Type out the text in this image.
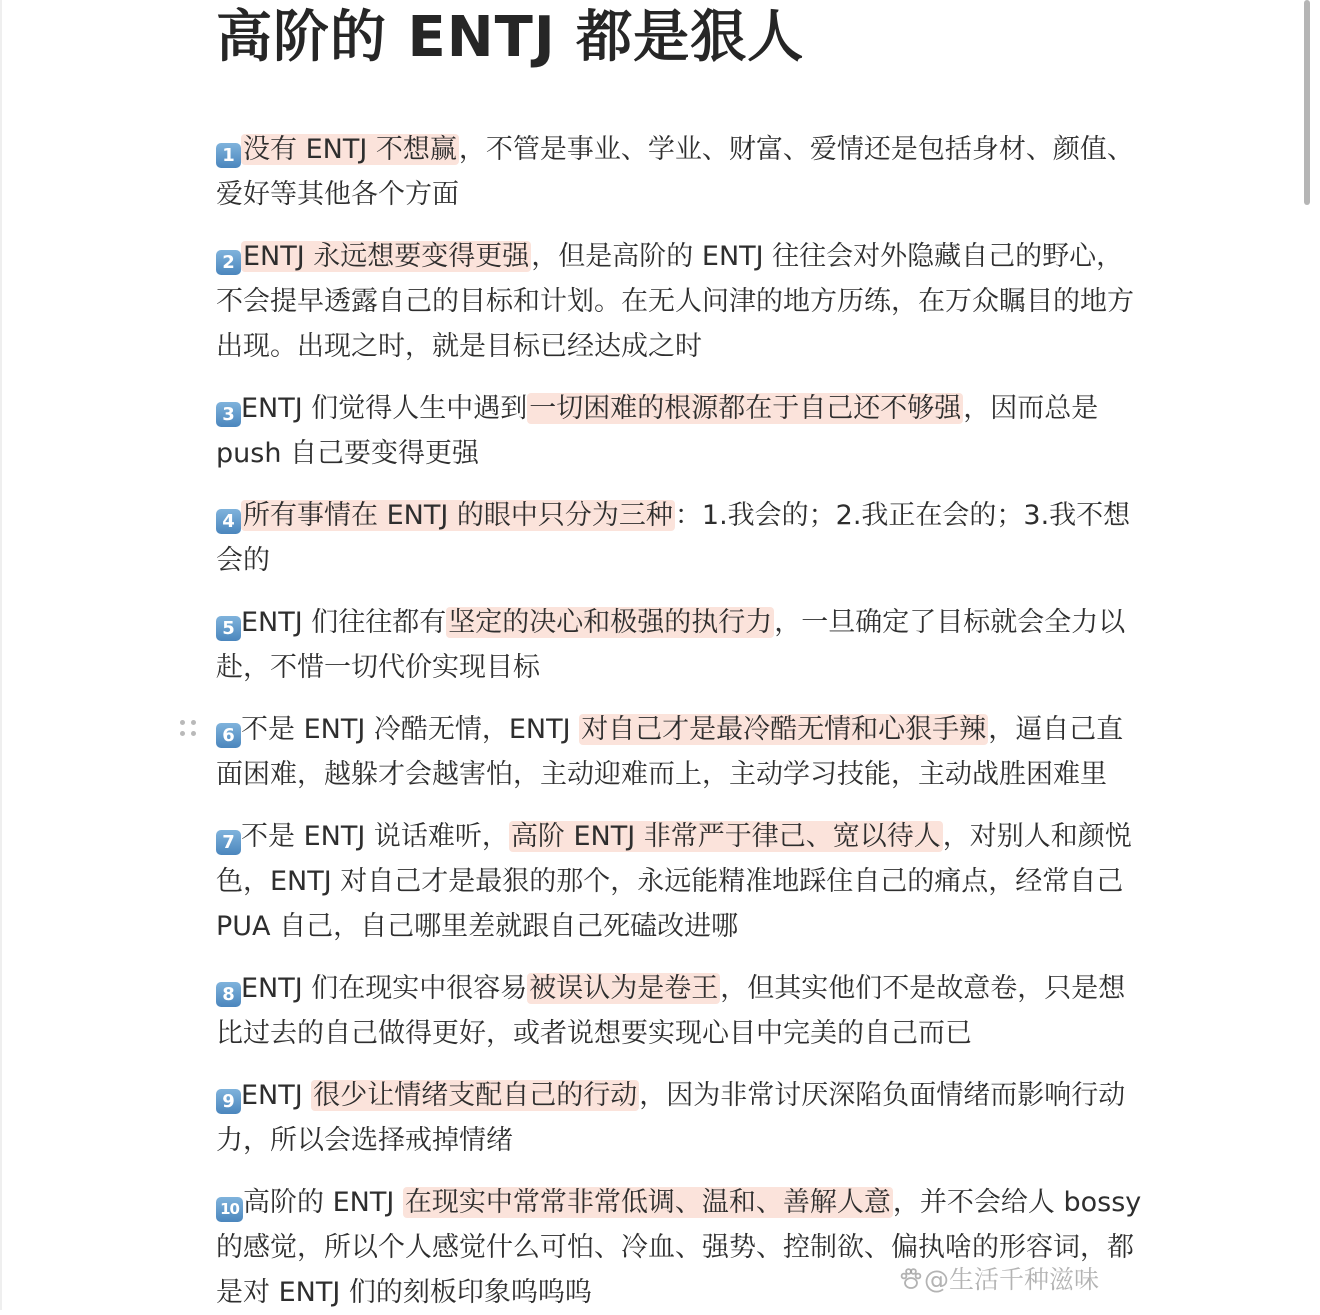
高阶的 ENTJ 都是狠人

1 没有 ENTJ 不想赢，不管是事业、学业、财富、爱情还是包括身材、颜值、爱好等其他各个方面

2 ENTJ 永远想要变得更强，但是高阶的 ENTJ 往往会对外隐藏自己的野心，不会提早透露自己的目标和计划。在无人问津的地方历练，在万众瞩目的地方出现。出现之时，就是目标已经达成之时

3 ENTJ 们觉得人生中遇到一切困难的根源都在于自己还不够强，因而总是 push 自己要变得更强

4 所有事情在 ENTJ 的眼中只分为三种：1.我会的；2.我正在会的；3.我不想会的

5 ENTJ 们往往都有坚定的决心和极强的执行力，一旦确定了目标就会全力以赴，不惜一切代价实现目标

6 不是 ENTJ 冷酷无情，ENTJ 对自己才是最冷酷无情和心狠手辣，逼自己直面困难，越躲才会越害怕，主动迎难而上，主动学习技能，主动战胜困难里

7 不是 ENTJ 说话难听，高阶 ENTJ 非常严于律己、宽以待人，对别人和颜悦色，ENTJ 对自己才是最狠的那个，永远能精准地踩住自己的痛点，经常自己 PUA 自己，自己哪里差就跟自己死磕改进哪

8 ENTJ 们在现实中很容易被误认为是卷王，但其实他们不是故意卷，只是想比过去的自己做得更好，或者说想要实现心目中完美的自己而已

9 ENTJ 很少让情绪支配自己的行动，因为非常讨厌深陷负面情绪而影响行动力，所以会选择戒掉情绪

10 高阶的 ENTJ 在现实中常常非常低调、温和、善解人意，并不会给人 bossy 的感觉，所以个人感觉什么可怕、冷血、强势、控制欲、偏执啥的形容词，都是对 ENTJ 们的刻板印象呜呜呜	@生活千种滋味
